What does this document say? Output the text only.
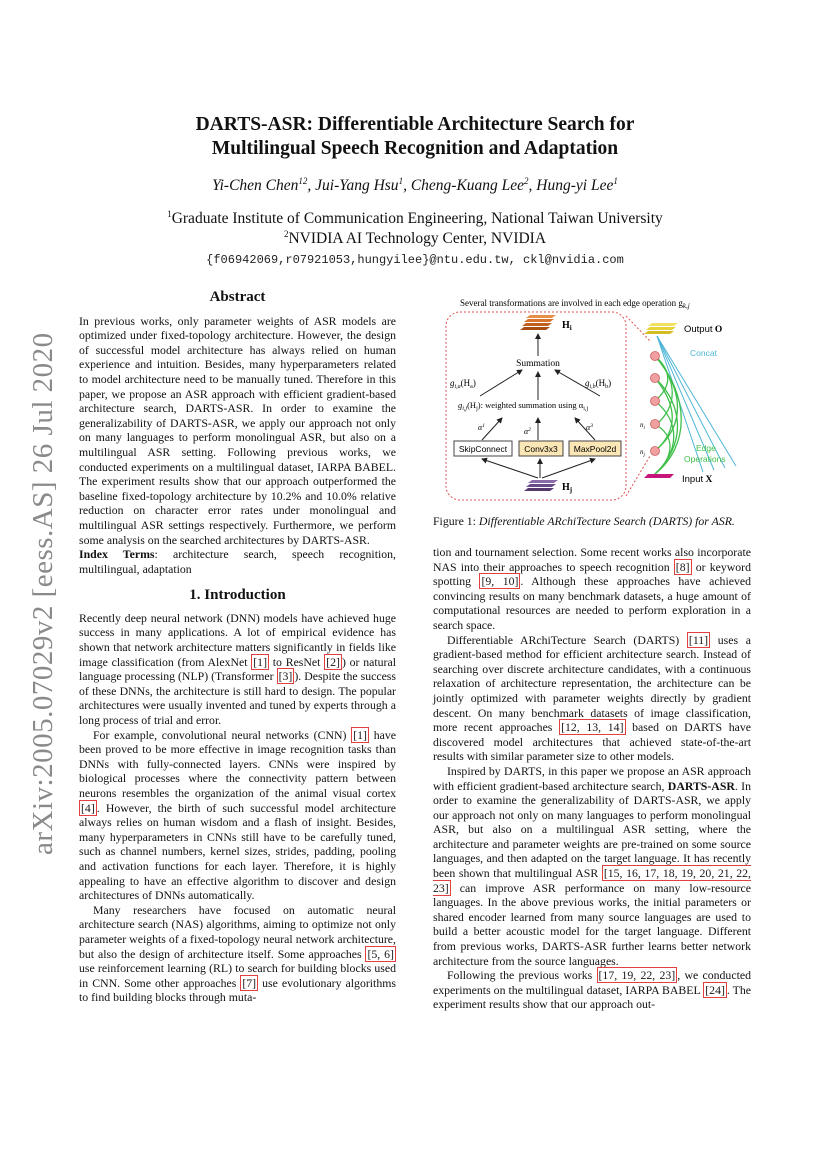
arXiv:2005.07029v2 [eess.AS] 26 Jul 2020
DARTS-ASR: Differentiable Architecture Search for Multilingual Speech Recognition and Adaptation
Yi-Chen Chen$^{12}$, Jui-Yang Hsu$^1$, Cheng-Kuang Lee$^2$, Hung-yi Lee$^1$
$^1$Graduate Institute of Communication Engineering, National Taiwan University
$^2$NVIDIA AI Technology Center, NVIDIA
{f06942069,r07921053,hungyilee}@ntu.edu.tw, ckl@nvidia.com
Abstract

In previous works, only parameter weights of ASR models are optimized under fixed-topology architecture. However, the design of successful model architecture has always relied on human experience and intuition. Besides, many hyperparameters related to model architecture need to be manually tuned. Therefore in this paper, we propose an ASR approach with efficient gradient-based architecture search, DARTS-ASR. In order to examine the generalizability of DARTS-ASR, we apply our approach not only on many languages to perform monolingual ASR, but also on a multilingual ASR setting. Following previous works, we conducted experiments on a multilingual dataset, IARPA BABEL. The experiment results show that our approach outperformed the baseline fixed-topology architecture by 10.2% and 10.0% relative reduction on character error rates under monolingual and multilingual ASR settings respectively. Furthermore, we perform some analysis on the searched architectures by DARTS-ASR.

Index Terms: architecture search, speech recognition, multilingual, adaptation

1. Introduction

Recently deep neural network (DNN) models have achieved huge success in many applications. A lot of empirical evidence has shown that network architecture matters significantly in fields like image classification (from AlexNet [1] to ResNet [2] ) or natural language processing (NLP) (Transformer [3] ). Despite the success of these DNNs, the architecture is still hard to design. The popular architectures were usually invented and tuned by experts through a long process of trial and error.

For example, convolutional neural networks (CNN) [1] have been proved to be more effective in image recognition tasks than DNNs with fully-connected layers. CNNs were inspired by biological processes where the connectivity pattern between neurons resembles the organization of the animal visual cortex [4] . However, the birth of such successful model architecture always relies on human wisdom and a flash of insight. Besides, many hyperparameters in CNNs still have to be carefully tuned, such as channel numbers, kernel sizes, strides, padding, pooling and activation functions for each layer. Therefore, it is highly appealing to have an effective algorithm to discover and design architectures of DNNs automatically.

Many researchers have focused on automatic neural architecture search (NAS) algorithms, aiming to optimize not only parameter weights of a fixed-topology neural network architecture, but also the design of architecture itself. Some approaches [5, 6] use reinforcement learning (RL) to search for building blocks used in CNN. Some other approaches [7] use evolutionary algorithms to find building blocks through muta-

Several transformations are involved in each edge operation $g_{k,j}$
$H_i$
Summation
$g_{i,a}(H_a)$	$g_{i,b}(H_b)$
$g_{i,j}(H_j)$: weighted summation using $\alpha_{i,j}$
$\alpha^1$
$\alpha^2$	$\alpha^3$
SkipConnect Conv3x3 MaxPool2d
$H_j$
Output O
Concat
$n_i$
$n_j$
Edge
Operations
Input X
Figure 1: Differentiable ARchiTecture Search (DARTS) for ASR.

tion and tournament selection. Some recent works also incorporate NAS into their approaches to speech recognition [8] or keyword spotting [9, 10] . Although these approaches have achieved convincing results on many benchmark datasets, a huge amount of computational resources are needed to perform exploration in a search space.

Differentiable ARchiTecture Search (DARTS) [11] uses a gradient-based method for efficient architecture search. Instead of searching over discrete architecture candidates, with a continuous relaxation of architecture representation, the architecture can be jointly optimized with parameter weights directly by gradient descent. On many benchmark datasets of image classification, more recent approaches [12, 13, 14] based on DARTS have discovered model architectures that achieved state-of-the-art results with similar parameter size to other models.

Inspired by DARTS, in this paper we propose an ASR approach with efficient gradient-based architecture search, DARTS-ASR. In order to examine the generalizability of DARTS-ASR, we apply our approach not only on many languages to perform monolingual ASR, but also on a multilingual ASR setting, where the architecture and parameter weights are pre-trained on some source languages, and then adapted on the target language. It has recently been shown that multilingual ASR [15, 16, 17, 18, 19, 20, 21, 22, 23] can improve ASR performance on many low-resource languages. In the above previous works, the initial parameters or shared encoder learned from many source languages are used to build a better acoustic model for the target language. Different from previous works, DARTS-ASR further learns better network architecture from the source languages.

Following the previous works [17, 19, 22, 23] , we conducted experiments on the multilingual dataset, IARPA BABEL [24] . The experiment results show that our approach out-
